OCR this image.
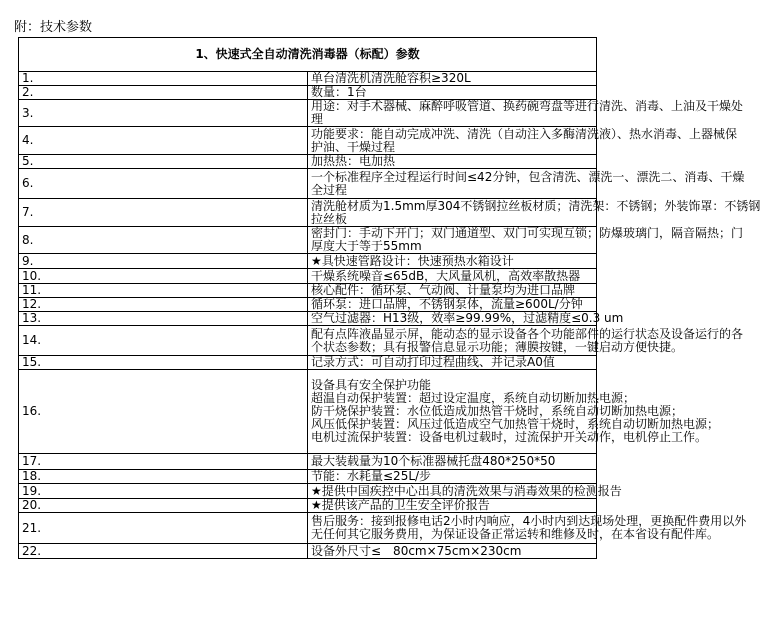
附：技术参数
1、快速式全自动清洗消毒器（标配）参数	
1.	单台清洗机清洗舱容积≥320L

2.	数量：1台

3.	用途：对手术器械、麻醉呼吸管道、换药碗弯盘等进行清洗、消毒、上油及干燥处
理

4.	功能要求：能自动完成冲洗、清洗（自动注入多酶清洗液）、热水消毒、上器械保
护油、干燥过程

5.	加热热：电加热

6.	一个标准程序全过程运行时间≤42分钟，包含清洗、漂洗一、漂洗二、消毒、干燥
全过程

7.	清洗舱材质为1.5mm厚304不锈钢拉丝板材质；清洗架：不锈钢；外装饰罩：不锈钢
拉丝板

8.	密封门：手动下开门；双门通道型、双门可实现互锁；防爆玻璃门，隔音隔热；门
厚度大于等于55mm

9.	★具快速管路设计：快速预热水箱设计

10.	干燥系统噪音≤65dB，大风量风机，高效率散热器

11.	核心配件：循环泵、气动阀、计量泵均为进口品牌

12.	循环泵：进口品牌，不锈钢泵体，流量≥600L/分钟

13.	空气过滤器：H13级，效率≥99.99%，过滤精度≤0.3 um

14.	配有点阵液晶显示屏，能动态的显示设备各个功能部件的运行状态及设备运行的各
个状态参数；具有报警信息显示功能；薄膜按键，一键启动方便快捷。

15.	记录方式：可自动打印过程曲线、并记录A0值

16.	设备具有安全保护功能
超温自动保护装置：超过设定温度，系统自动切断加热电源；
防干烧保护装置：水位低造成加热管干烧时，系统自动切断加热电源；
风压低保护装置：风压过低造成空气加热管干烧时，系统自动切断加热电源；
电机过流保护装置：设备电机过载时，过流保护开关动作，电机停止工作。

17.	最大装载量为10个标准器械托盘480*250*50

18.	节能：水耗量≤25L/步

19.	★提供中国疾控中心出具的清洗效果与消毒效果的检测报告

20.	★提供该产品的卫生安全评价报告

21.	售后服务：接到报修电话2小时内响应，4小时内到达现场处理，更换配件费用以外
无任何其它服务费用，为保证设备正常运转和维修及时，在本省设有配件库。

22.	设备外尺寸≤　80cm×75cm×230cm
